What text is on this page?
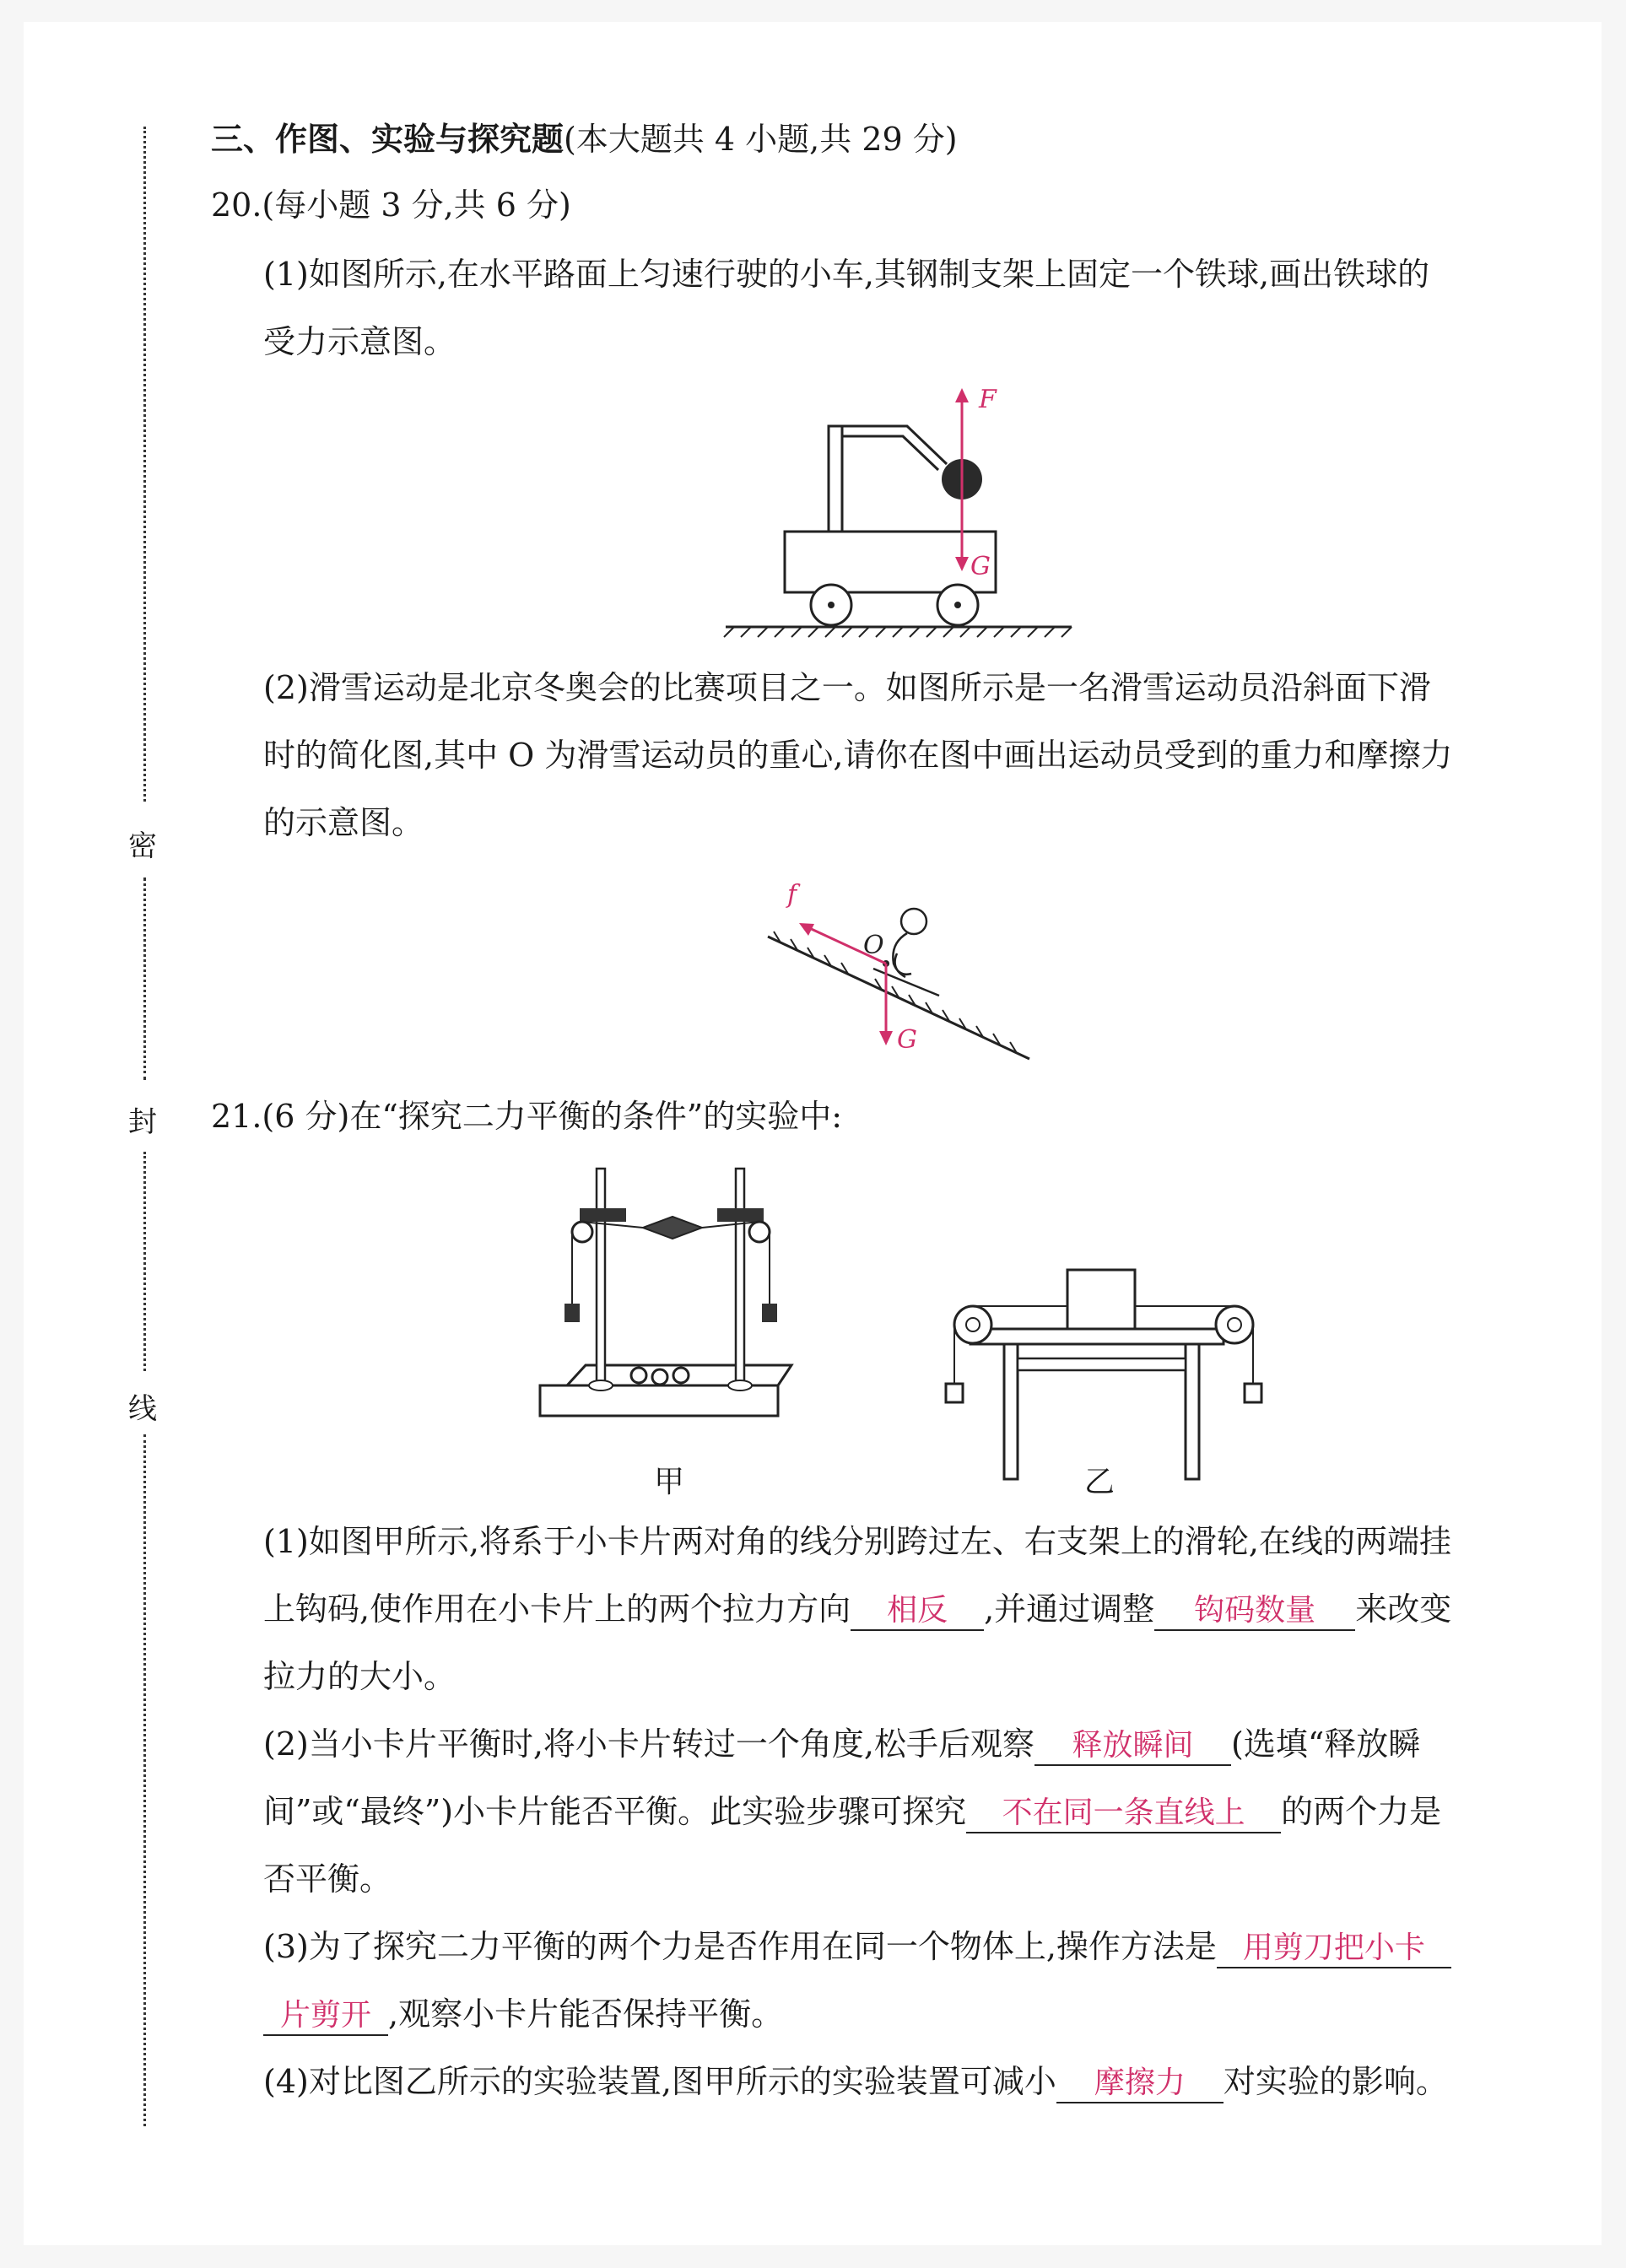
密
封
线
三、作图、实验与探究题(本大题共 4 小题,共 29 分)
20.(每小题 3 分,共 6 分)
(1)如图所示,在水平路面上匀速行驶的小车,其钢制支架上固定一个铁球,画出铁球的
受力示意图。
F
G
(2)滑雪运动是北京冬奥会的比赛项目之一。如图所示是一名滑雪运动员沿斜面下滑
时的简化图,其中 O 为滑雪运动员的重心,请你在图中画出运动员受到的重力和摩擦力
的示意图。
O
f
G
21.(6 分)在“探究二力平衡的条件”的实验中:
甲	乙
(1)如图甲所示,将系于小卡片两对角的线分别跨过左、右支架上的滑轮,在线的两端挂
上钩码,使作用在小卡片上的两个拉力方向 相反 ,并通过调整 钩码数量 来改变
拉力的大小。
(2)当小卡片平衡时,将小卡片转过一个角度,松手后观察 释放瞬间 (选填“释放瞬
间”或“最终”)小卡片能否平衡。此实验步骤可探究 不在同一条直线上 的两个力是
否平衡。
(3)为了探究二力平衡的两个力是否作用在同一个物体上,操作方法是 用剪刀把小卡
片剪开 ,观察小卡片能否保持平衡。
(4)对比图乙所示的实验装置,图甲所示的实验装置可减小 摩擦力 对实验的影响。
